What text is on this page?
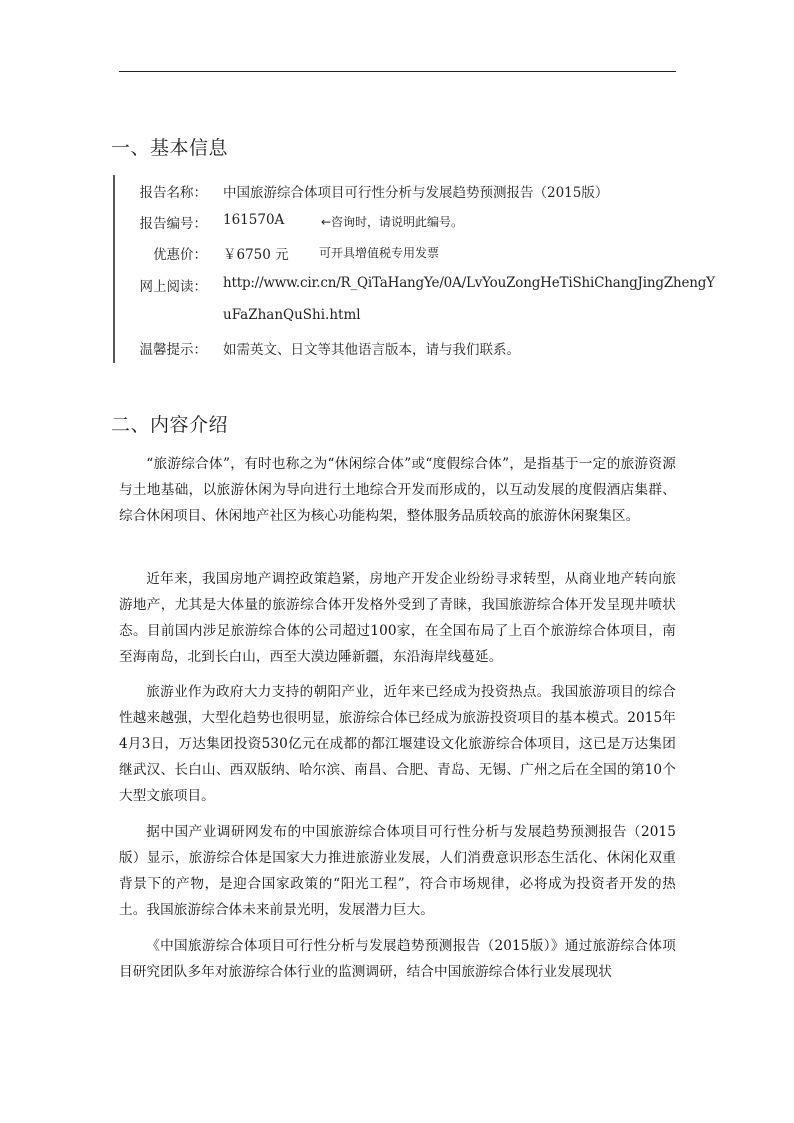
一、基本信息
报告名称： 中国旅游综合体项目可行性分析与发展趋势预测报告（2015版）
报告编号： 161570A	←咨询时，请说明此编号。
优惠价： ￥6750 元	可开具增值税专用发票
网上阅读： http://www.cir.cn/R_QiTaHangYe/0A/LvYouZongHeTiShiChangJingZhengY
uFaZhanQuShi.html
温馨提示： 如需英文、日文等其他语言版本，请与我们联系。
二、内容介绍

“旅游综合体”，有时也称之为“休闲综合体”或“度假综合体”，是指基于一定的旅游资源与土地基础，以旅游休闲为导向进行土地综合开发而形成的，以互动发展的度假酒店集群、综合休闲项目、休闲地产社区为核心功能构架，整体服务品质较高的旅游休闲聚集区。

近年来，我国房地产调控政策趋紧，房地产开发企业纷纷寻求转型，从商业地产转向旅游地产，尤其是大体量的旅游综合体开发格外受到了青睐，我国旅游综合体开发呈现井喷状态。目前国内涉足旅游综合体的公司超过100家，在全国布局了上百个旅游综合体项目，南至海南岛，北到长白山，西至大漠边陲新疆，东沿海岸线蔓延。

旅游业作为政府大力支持的朝阳产业，近年来已经成为投资热点。我国旅游项目的综合性越来越强，大型化趋势也很明显，旅游综合体已经成为旅游投资项目的基本模式。2015年4月3日，万达集团投资530亿元在成都的都江堰建设文化旅游综合体项目，这已是万达集团继武汉、长白山、西双版纳、哈尔滨、南昌、合肥、青岛、无锡、广州之后在全国的第10个大型文旅项目。

据中国产业调研网发布的中国旅游综合体项目可行性分析与发展趋势预测报告（2015版）显示，旅游综合体是国家大力推进旅游业发展，人们消费意识形态生活化、休闲化双重背景下的产物，是迎合国家政策的“阳光工程”，符合市场规律，必将成为投资者开发的热土。我国旅游综合体未来前景光明，发展潜力巨大。

《中国旅游综合体项目可行性分析与发展趋势预测报告（2015版）》通过旅游综合体项目研究团队多年对旅游综合体行业的监测调研，结合中国旅游综合体行业发展现状
